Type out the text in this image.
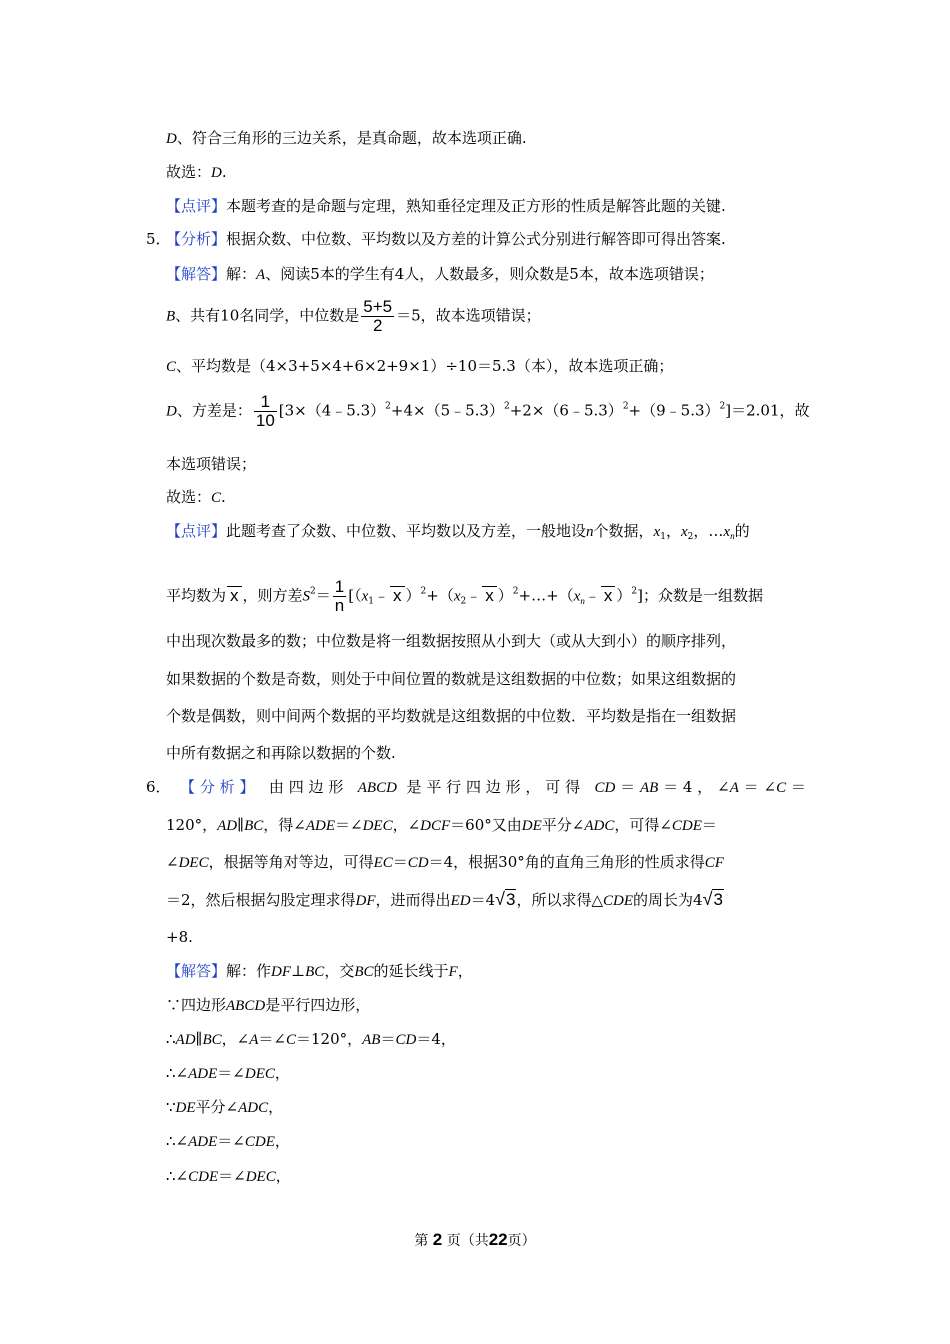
D、符合三角形的三边关系，是真命题，故本选项正确.
故选：D.
【点评】本题考查的是命题与定理，熟知垂径定理及正方形的性质是解答此题的关键.
5．
【分析】根据众数、中位数、平均数以及方差的计算公式分别进行解答即可得出答案.
【解答】解：A、阅读5本的学生有4人，人数最多，则众数是5本，故本选项错误；
B、共有10名同学，中位数是 $\frac{5+5}{2} =5$，故本选项错误；
C、平均数是（4×3+5×4+6×2+9×1）÷10＝5.3（本），故本选项正确；
D、方差是： $\frac{1}{10}$ [3×（4﹣5.3）$^2$+4×（5﹣5.3）$^2$+2×（6﹣5.3）$^2$+（9﹣5.3）$^2$]＝2.01，故
本选项错误；
故选：C.
【点评】此题考查了众数、中位数、平均数以及方差，一般地设n个数据，$x_1$，$x_2$，$\dots x_n$的
平均数为 x ，则方差$S^2= \frac{1}{n}$ [（$x_1﹣$ x ）$^2+(x_2﹣$ x ）$^2+\dots+(x_n﹣$ x ）$^2$]；众数是一组数据
中出现次数最多的数；中位数是将一组数据按照从小到大（或从大到小）的顺序排列，
如果数据的个数是奇数，则处于中间位置的数就是这组数据的中位数；如果这组数据的
个数是偶数，则中间两个数据的平均数就是这组数据的中位数．平均数是指在一组数据
中所有数据之和再除以数据的个数.
6． 【分析】 由四边形 ABCD 是平行四边形，可得 CD＝AB＝4，∠A＝∠C＝
120°，AD∥BC，得∠ADE＝∠DEC，∠DCF＝60°又由DE平分∠ADC，可得∠CDE＝
∠DEC，根据等角对等边，可得EC＝CD＝4，根据30°角的直角三角形的性质求得CF
＝2，然后根据勾股定理求得DF，进而得出ED＝4√3，所以求得△CDE的周长为4√3
+8.
【解答】解：作DF⊥BC，交BC的延长线于F，
∵四边形ABCD是平行四边形，
∴AD∥BC，∠A＝∠C＝120°，AB＝CD＝4，
∴∠ADE＝∠DEC，
∵DE平分∠ADC，
∴∠ADE＝∠CDE，
∴∠CDE＝∠DEC，
第 2 页（共22页）
